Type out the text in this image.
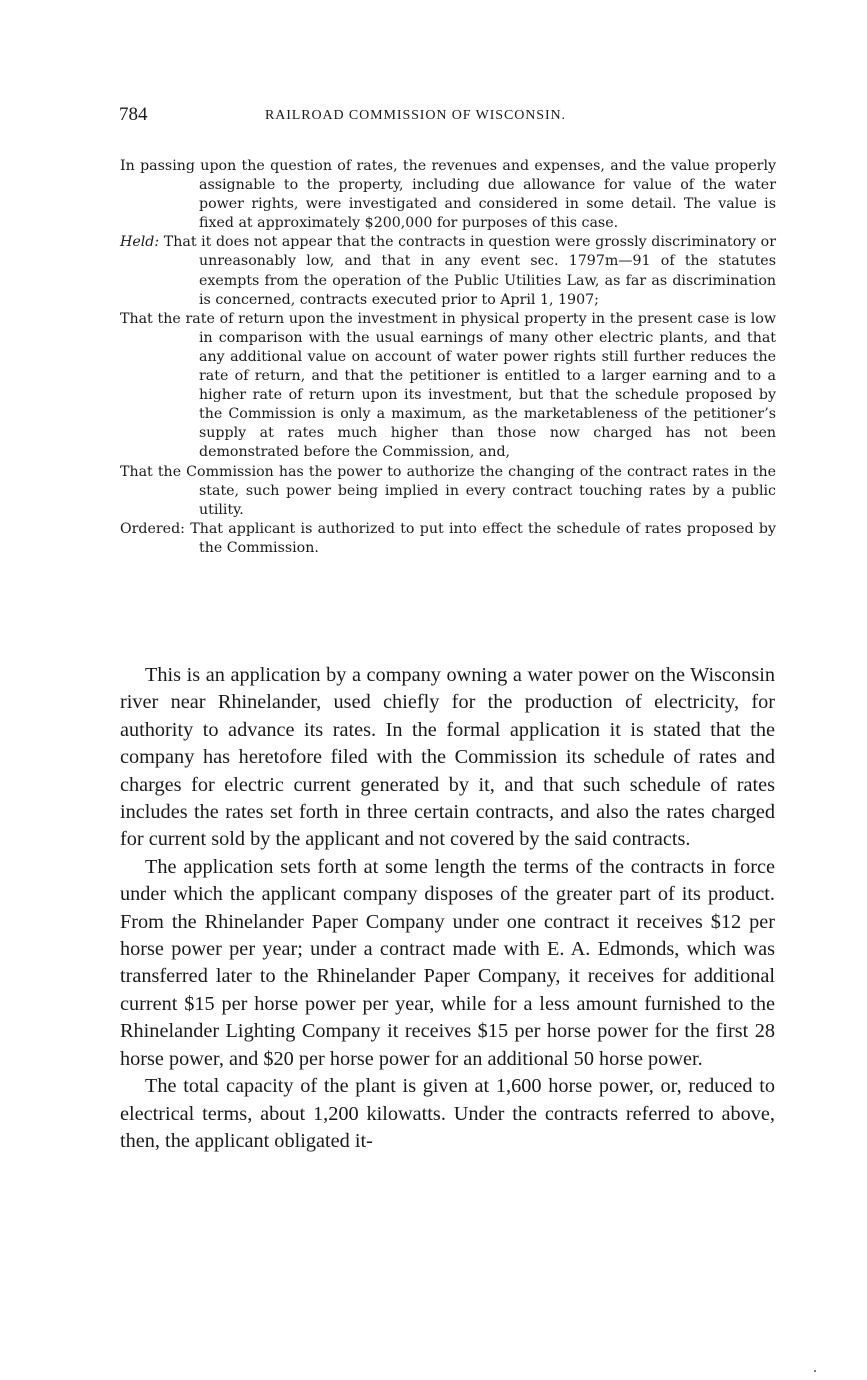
784	RAILROAD COMMISSION OF WISCONSIN.

In passing upon the question of rates, the revenues and expenses, and the value properly assignable to the property, including due allowance for value of the water power rights, were investigated and considered in some detail. The value is fixed at approximately $200,000 for purposes of this case.

Held: That it does not appear that the contracts in question were grossly discriminatory or unreasonably low, and that in any event sec. 1797m—91 of the statutes exempts from the operation of the Public Utilities Law, as far as discrimination is concerned, contracts executed prior to April 1, 1907;

That the rate of return upon the investment in physical property in the present case is low in comparison with the usual earnings of many other electric plants, and that any additional value on account of water power rights still further reduces the rate of return, and that the petitioner is entitled to a larger earning and to a higher rate of return upon its investment, but that the schedule proposed by the Commission is only a maximum, as the marketableness of the petitioner’s supply at rates much higher than those now charged has not been demonstrated before the Commission, and,

That the Commission has the power to authorize the changing of the contract rates in the state, such power being implied in every contract touching rates by a public utility.

Ordered: That applicant is authorized to put into effect the schedule of rates proposed by the Commission.

This is an application by a company owning a water power on the Wisconsin river near Rhinelander, used chiefly for the production of electricity, for authority to advance its rates. In the formal application it is stated that the company has heretofore filed with the Commission its schedule of rates and charges for electric current generated by it, and that such schedule of rates includes the rates set forth in three certain contracts, and also the rates charged for current sold by the applicant and not covered by the said contracts.

The application sets forth at some length the terms of the contracts in force under which the applicant company disposes of the greater part of its product. From the Rhinelander Paper Company under one contract it receives $12 per horse power per year; under a contract made with E. A. Edmonds, which was transferred later to the Rhinelander Paper Company, it receives for additional current $15 per horse power per year, while for a less amount furnished to the Rhinelander Lighting Company it receives $15 per horse power for the first 28 horse power, and $20 per horse power for an additional 50 horse power.

The total capacity of the plant is given at 1,600 horse power, or, reduced to electrical terms, about 1,200 kilowatts. Under the contracts referred to above, then, the applicant obligated it-
